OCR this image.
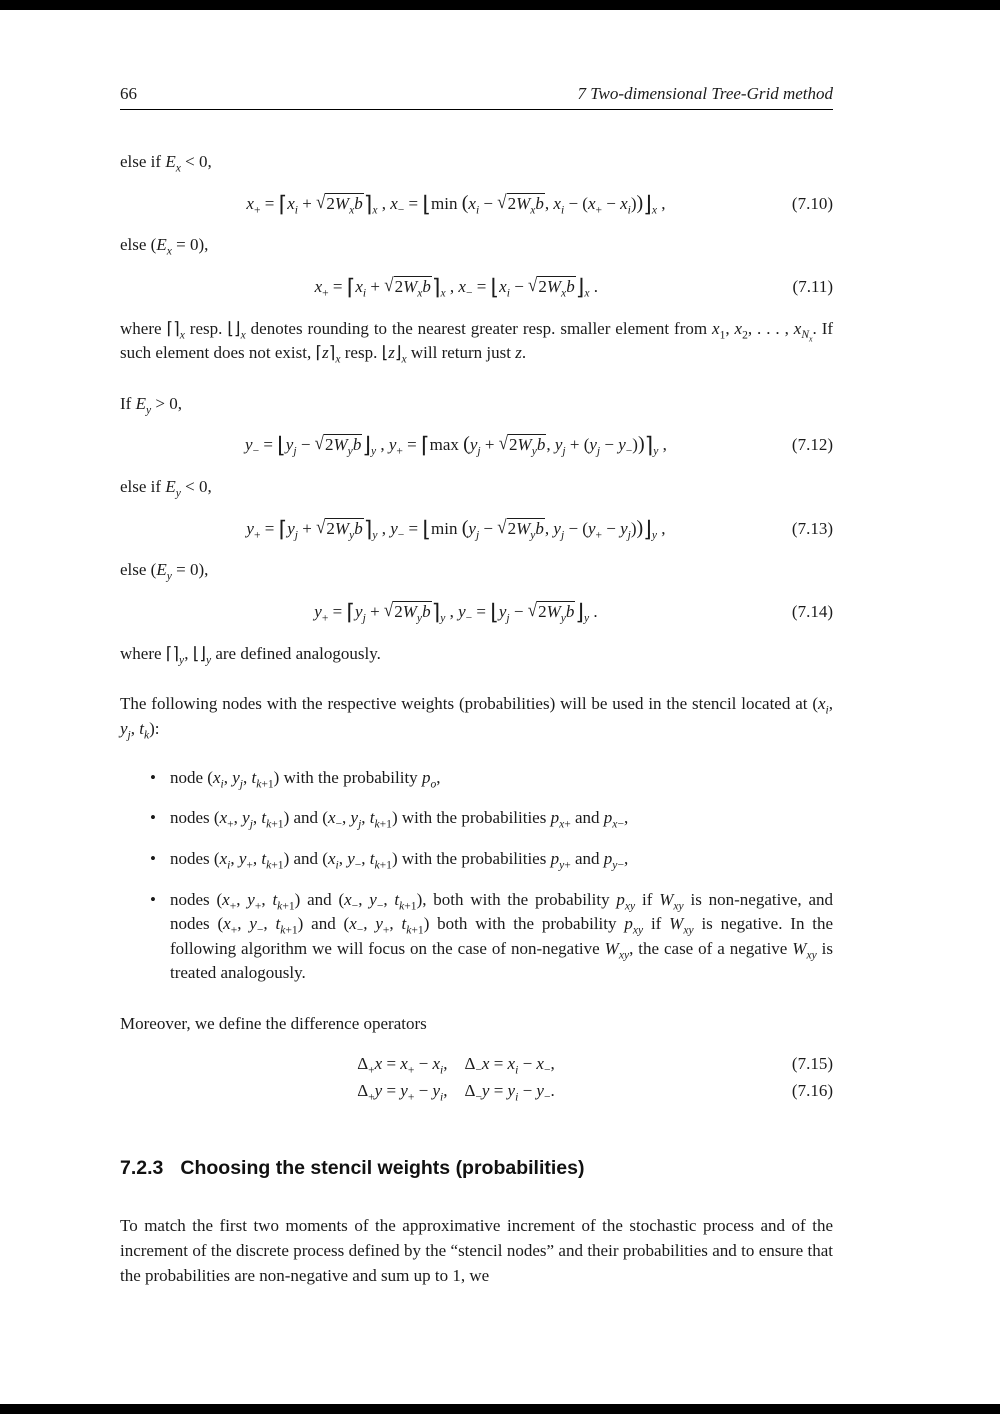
66	7 Two-dimensional Tree-Grid method

else if $E_x < 0$,

$x_+$ = $⌈x_i$ + $√2W_xb⌉_x$ , $x_-$ = ⌊min ($x_i - √2W_xb$, $x_i - (x_+$ − $x_i))⌋_x$ ,	(7.10)

else $(E_x = 0)$,

$x_+$ = $⌈x_i$ + $√2W_xb⌉_x$ , $x_-$ = $⌊x_i$ − $√2W_xb⌋_x$ .	(7.11)

where $⌈⌉_x$ resp. $⌊⌋_x$ denotes rounding to the nearest greater resp. smaller element from $x_1$, $x_2$, . . . , $x_{N_x}$. If such element does not exist, $⌈z⌉_x$ resp. $⌊z⌋_x$ will return just z.

If $E_y > 0$,

$y_-$ = $⌊y_j$ − $√2W_yb⌋_y$ , $y_+$ = ⌈max ($y_j + √2W_yb$, $y_j + (y_j$ − $y_-))⌉_y$ ,	(7.12)

else if $E_y < 0$,

$y_+$ = $⌈y_j$ + $√2W_yb⌉_y$ , $y_-$ = ⌊min ($y_j - √2W_yb$, $y_j - (y_+$ − $y_j))⌋_y$ ,	(7.13)

else $(E_y = 0)$,

$y_+$ = $⌈y_j$ + $√2W_yb⌉_y$ , $y_-$ = $⌊y_j$ − $√2W_yb⌋_y$ .	(7.14)

where $⌈⌉_y$, $⌊⌋_y$ are defined analogously.

The following nodes with the respective weights (probabilities) will be used in the stencil located at ($x_i$, $y_j$, $t_k$):

• node ($x_i$, $y_j$, $t_{k+1}$) with the probability $p_o$,
• nodes ($x_+$, $y_j$, $t_{k+1}$) and ($x_-$, $y_j$, $t_{k+1}$) with the probabilities $p_{x+}$ and $p_{x-}$,
• nodes ($x_i$, $y_+$, $t_{k+1}$) and ($x_i$, $y_-$, $t_{k+1}$) with the probabilities $p_{y+}$ and $p_{y-}$,
• nodes ($x_+$, $y_+$, $t_{k+1}$) and ($x_-$, $y_-$, $t_{k+1}$), both with the probability $p_{xy}$ if $W_{xy}$ is non-negative, and nodes ($x_+$, $y_-$, $t_{k+1}$) and ($x_-$, $y_+$, $t_{k+1}$) both with the probability $p_{xy}$ if $W_{xy}$ is negative. In the following algorithm we will focus on the case of non-negative $W_{xy}$, the case of a negative $W_{xy}$ is treated analogously.

Moreover, we define the difference operators

$\Delta_+x = x_+ - x_i$,    $\Delta_-x = x_i - x_-$,	(7.15)
$\Delta_+y = y_+ - y_i$,    $\Delta_-y = y_i - y_-$.	(7.16)
7.2.3 Choosing the stencil weights (probabilities)

To match the first two moments of the approximative increment of the stochastic process and of the increment of the discrete process defined by the “stencil nodes” and their probabilities and to ensure that the probabilities are non-negative and sum up to 1, we
